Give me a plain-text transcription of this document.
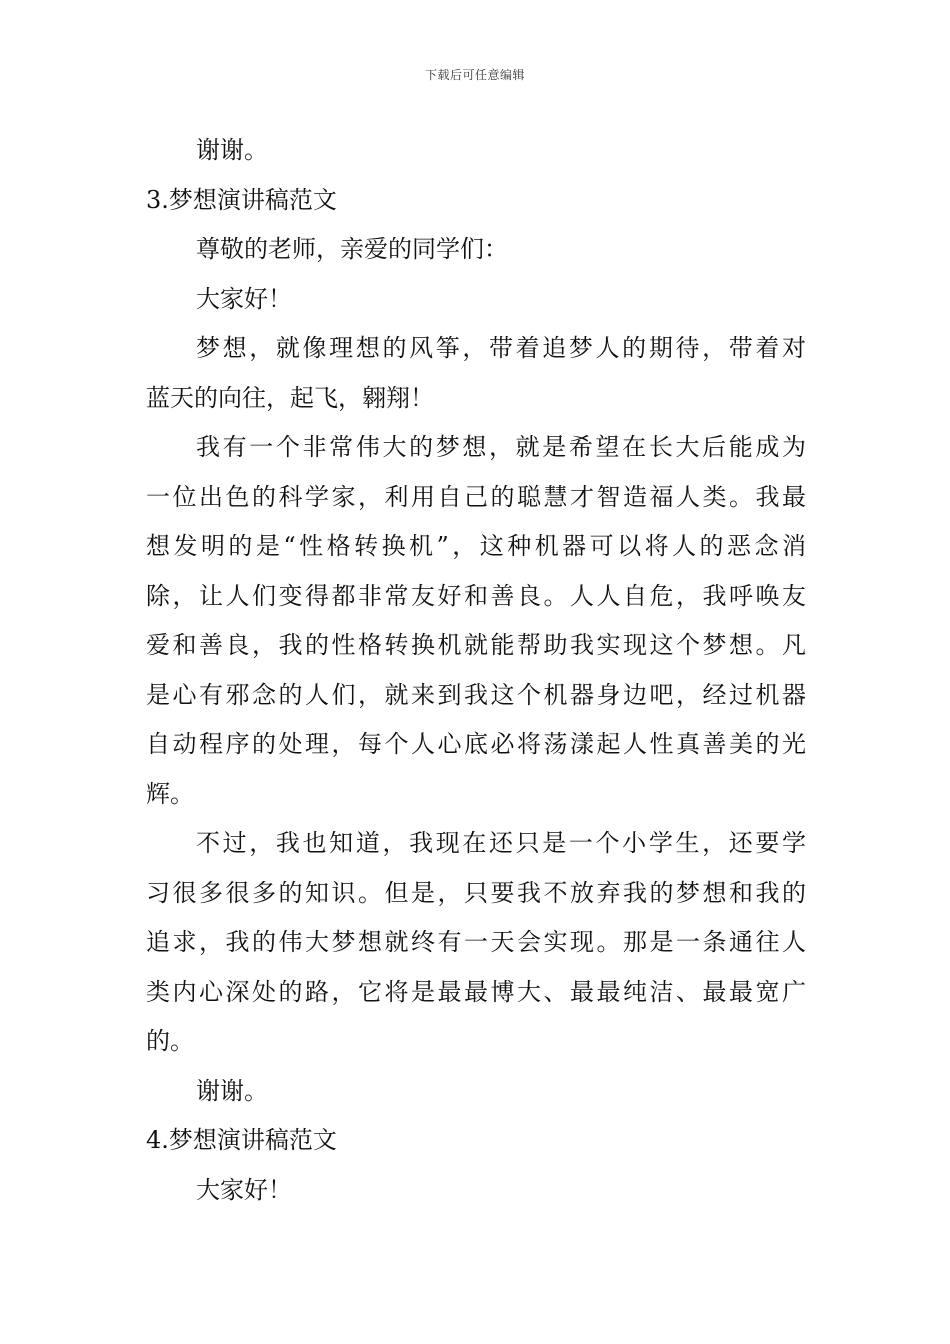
下载后可任意编辑
谢谢。
3.梦想演讲稿范文
尊敬的老师，亲爱的同学们：
大家好！
梦想，就像理想的风筝，带着追梦人的期待，带着对
蓝天的向往，起飞，翱翔！
我有一个非常伟大的梦想，就是希望在长大后能成为
一位出色的科学家，利用自己的聪慧才智造福人类。我最
想发明的是“性格转换机”，这种机器可以将人的恶念消
除，让人们变得都非常友好和善良。人人自危，我呼唤友
爱和善良，我的性格转换机就能帮助我实现这个梦想。凡
是心有邪念的人们，就来到我这个机器身边吧，经过机器
自动程序的处理，每个人心底必将荡漾起人性真善美的光
辉。
不过，我也知道，我现在还只是一个小学生，还要学
习很多很多的知识。但是，只要我不放弃我的梦想和我的
追求，我的伟大梦想就终有一天会实现。那是一条通往人
类内心深处的路，它将是最最博大、最最纯洁、最最宽广
的。
谢谢。
4.梦想演讲稿范文
大家好！
